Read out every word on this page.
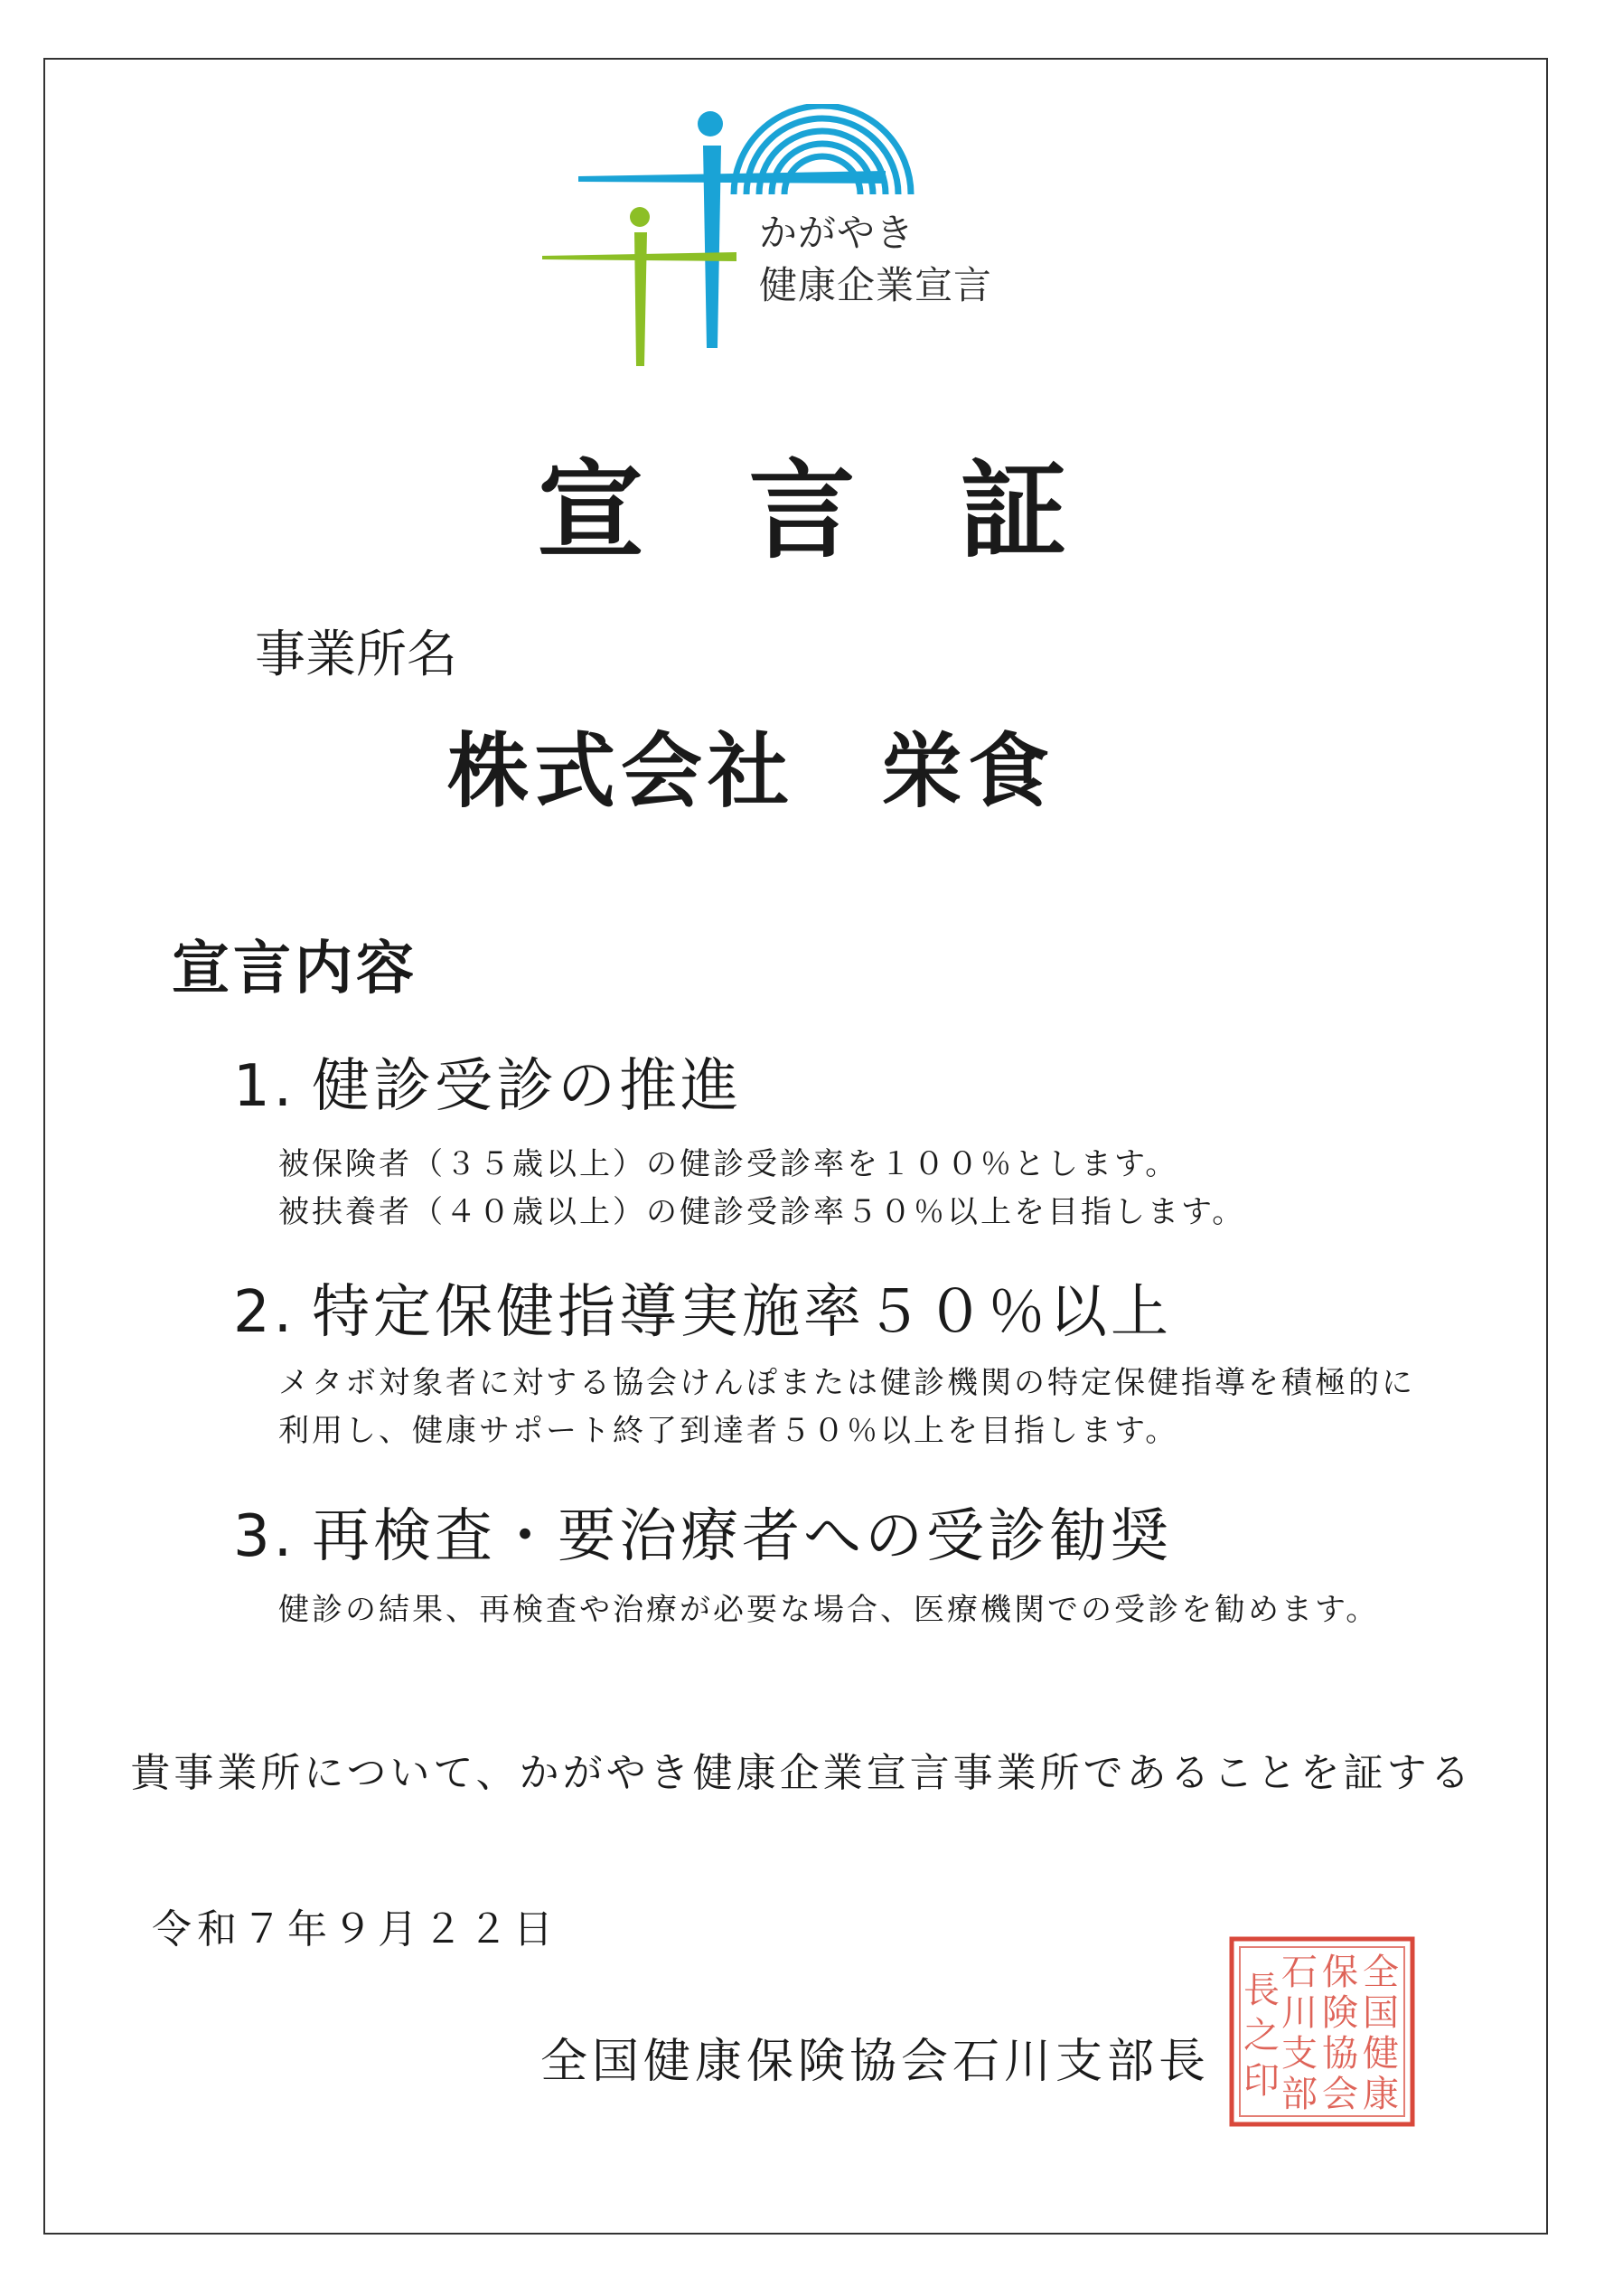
かがやき
健康企業宣言
宣 言 証
事業所名
株式会社　栄食
宣言内容
1. 健診受診の推進
被保険者（３５歳以上）の健診受診率を１００％とします。
被扶養者（４０歳以上）の健診受診率５０％以上を目指します。
2. 特定保健指導実施率５０％以上
メタボ対象者に対する協会けんぽまたは健診機関の特定保健指導を積極的に
利用し、健康サポート終了到達者５０％以上を目指します。
3. 再検査・要治療者への受診勧奨
健診の結果、再検査や治療が必要な場合、医療機関での受診を勧めます。
貴事業所について、かがやき健康企業宣言事業所であることを証する
令和７年９月２２日
全国健康保険協会石川支部長
全
国
健
康
保
険
協
会
石
川
支
部
長
之
印
